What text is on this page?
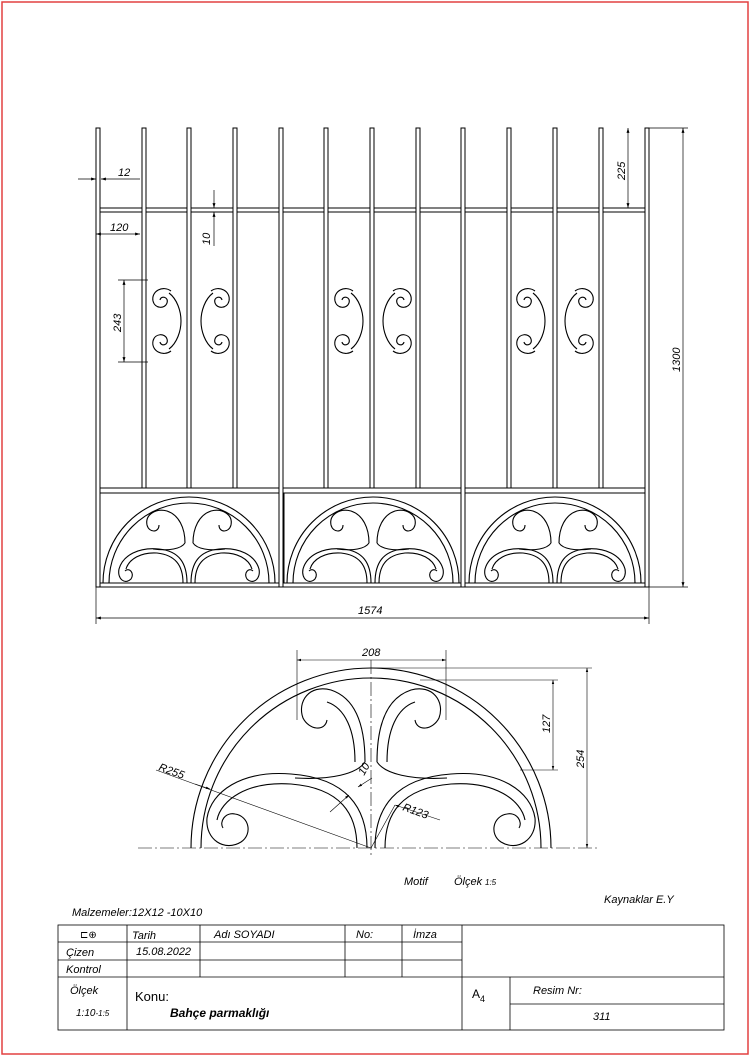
12
120
10
243
225
1300
1574
208
127
254
R255
R123
10
Motif Ölçek 1:5
Kaynaklar E.Y
Malzemeler:12X12 -10X10
⊏⊕	Tarih	Adı SOYADI	No:	İmza
Çizen	15.08.2022
Kontrol
Ölçek
1:10-1:5
Konu:
Bahçe parmaklığı
$A_4$
Resim Nr:
311
